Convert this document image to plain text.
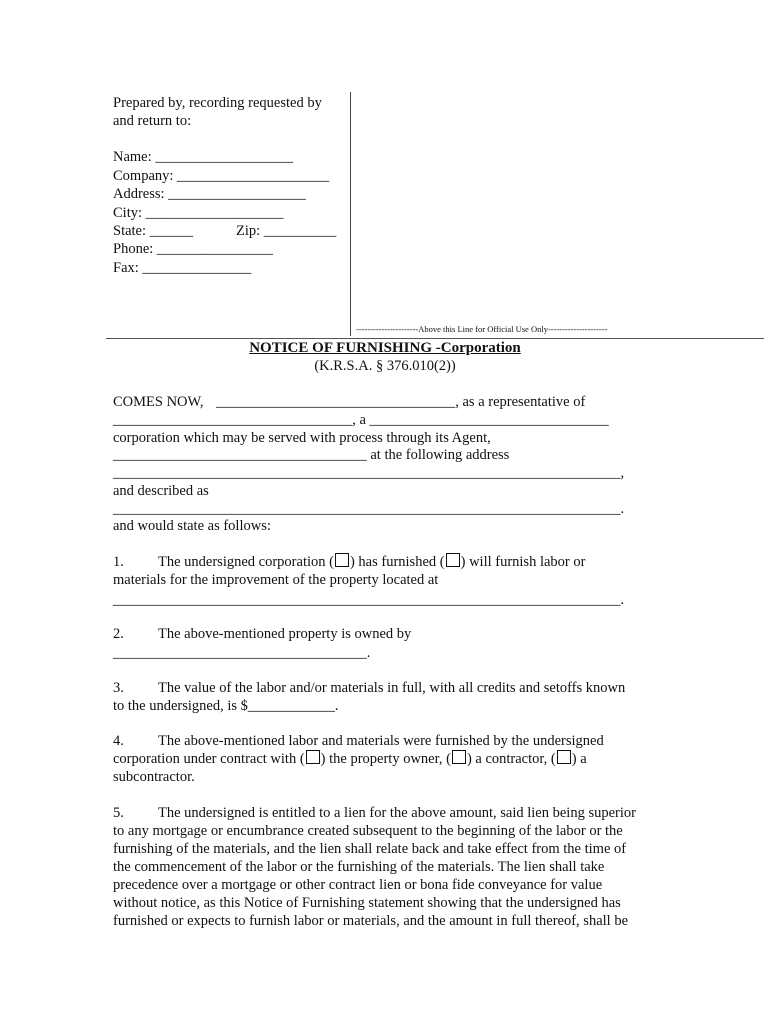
Prepared by, recording requested by
and return to:
Name: ___________________
Company: _____________________
Address: ___________________
City: ___________________
State: ______	Zip: __________
Phone: ________________
Fax: _______________
----------------------Above this Line for Official Use Only---------------------
NOTICE OF FURNISHING -Corporation
(K.R.S.A. § 376.010(2))
COMES NOW, _________________________________, as a representative of
_________________________________, a _________________________________
corporation which may be served with process through its Agent,
___________________________________ at the following address
______________________________________________________________________,
and described as
______________________________________________________________________.
and would state as follows:
1. The undersigned corporation ( ) has furnished ( ) will furnish labor or
materials for the improvement of the property located at
______________________________________________________________________.
2. The above-mentioned property is owned by
___________________________________.
3. The value of the labor and/or materials in full, with all credits and setoffs known
to the undersigned, is $____________.
4. The above-mentioned labor and materials were furnished by the undersigned
corporation under contract with ( ) the property owner, ( ) a contractor, ( ) a
subcontractor.
5. The undersigned is entitled to a lien for the above amount, said lien being superior
to any mortgage or encumbrance created subsequent to the beginning of the labor or the
furnishing of the materials, and the lien shall relate back and take effect from the time of
the commencement of the labor or the furnishing of the materials. The lien shall take
precedence over a mortgage or other contract lien or bona fide conveyance for value
without notice, as this Notice of Furnishing statement showing that the undersigned has
furnished or expects to furnish labor or materials, and the amount in full thereof, shall be
